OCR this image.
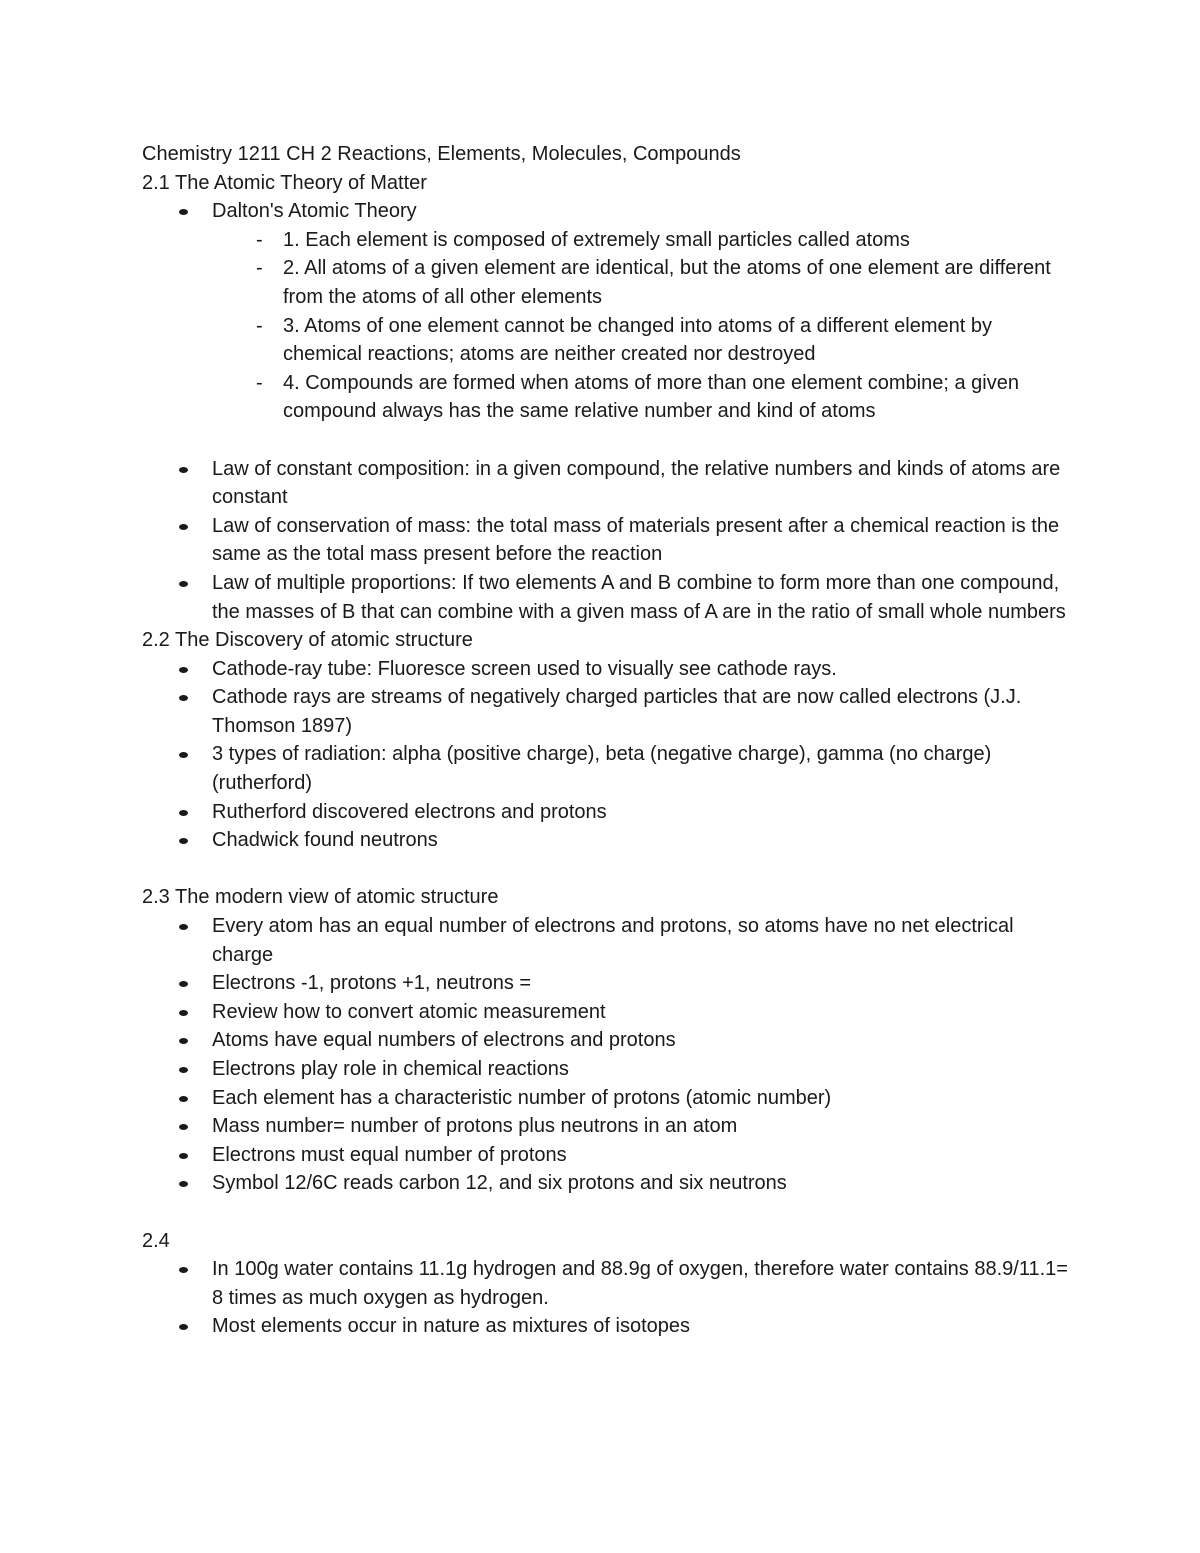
Chemistry 1211 CH 2 Reactions, Elements, Molecules, Compounds
2.1 The Atomic Theory of Matter
Dalton's Atomic Theory
- 1. Each element is composed of extremely small particles called atoms
- 2. All atoms of a given element are identical, but the atoms of one element are different from the atoms of all other elements
- 3. Atoms of one element cannot be changed into atoms of a different element by chemical reactions; atoms are neither created nor destroyed
- 4. Compounds are formed when atoms of more than one element combine; a given compound always has the same relative number and kind of atoms
Law of constant composition: in a given compound, the relative numbers and kinds of atoms are constant
Law of conservation of mass: the total mass of materials present after a chemical reaction is the same as the total mass present before the reaction
Law of multiple proportions: If two elements A and B combine to form more than one compound, the masses of B that can combine with a given mass of A are in the ratio of small whole numbers
2.2 The Discovery of atomic structure
Cathode-ray tube: Fluoresce screen used to visually see cathode rays.
Cathode rays are streams of negatively charged particles that are now called electrons (J.J. Thomson 1897)
3 types of radiation: alpha (positive charge), beta (negative charge), gamma (no charge) (rutherford)
Rutherford discovered electrons and protons
Chadwick found neutrons
2.3 The modern view of atomic structure
Every atom has an equal number of electrons and protons, so atoms have no net electrical charge
Electrons -1, protons +1, neutrons =
Review how to convert atomic measurement
Atoms have equal numbers of electrons and protons
Electrons play role in chemical reactions
Each element has a characteristic number of protons (atomic number)
Mass number= number of protons plus neutrons in an atom
Electrons must equal number of protons
Symbol 12/6C reads carbon 12, and six protons and six neutrons
2.4
In 100g water contains 11.1g hydrogen and 88.9g of oxygen, therefore water contains 88.9/11.1= 8 times as much oxygen as hydrogen.
Most elements occur in nature as mixtures of isotopes
